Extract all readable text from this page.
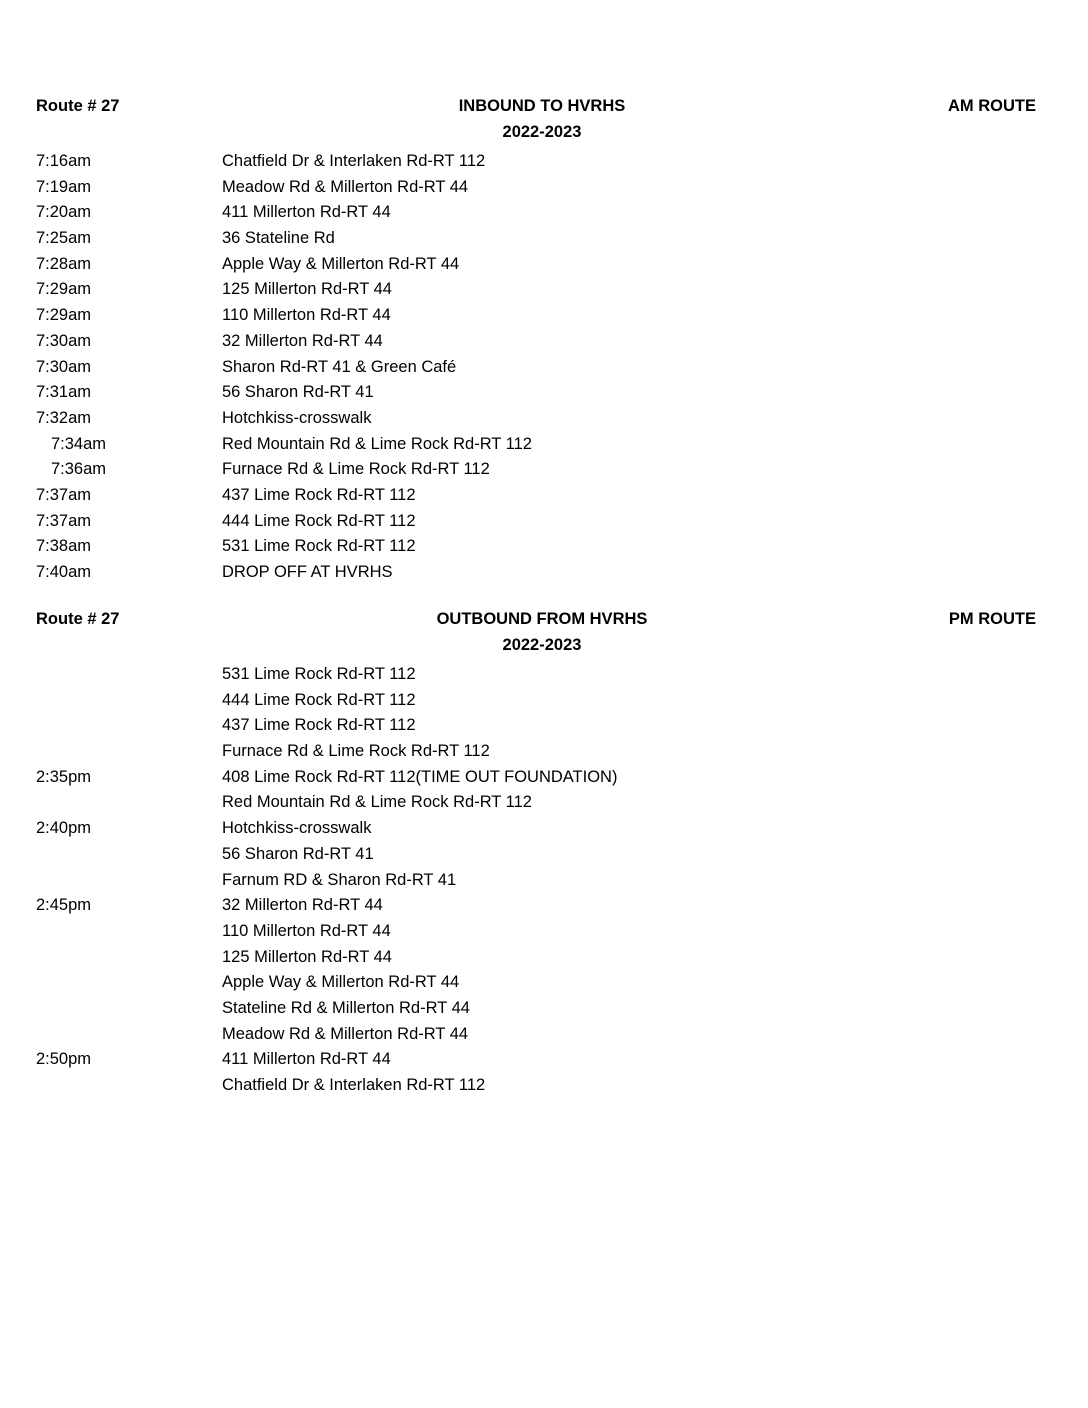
Route # 27	INBOUND TO HVRHS	AM ROUTE
2022-2023
7:16am	Chatfield Dr & Interlaken Rd-RT 112
7:19am	Meadow Rd & Millerton Rd-RT 44
7:20am	411 Millerton Rd-RT 44
7:25am	36 Stateline Rd
7:28am	Apple Way & Millerton Rd-RT 44
7:29am	125 Millerton Rd-RT 44
7:29am	110 Millerton Rd-RT 44
7:30am	32 Millerton Rd-RT 44
7:30am	Sharon Rd-RT 41 & Green Café
7:31am	56 Sharon Rd-RT 41
7:32am	Hotchkiss-crosswalk
7:34am	Red Mountain Rd & Lime Rock Rd-RT 112
7:36am	Furnace Rd & Lime Rock Rd-RT 112
7:37am	437 Lime Rock Rd-RT 112
7:37am	444 Lime Rock Rd-RT 112
7:38am	531 Lime Rock Rd-RT 112
7:40am	DROP OFF AT HVRHS
Route # 27	OUTBOUND FROM HVRHS	PM ROUTE
2022-2023
531 Lime Rock Rd-RT 112
444 Lime Rock Rd-RT 112
437 Lime Rock Rd-RT 112
Furnace Rd & Lime Rock Rd-RT 112
2:35pm	408 Lime Rock Rd-RT 112(TIME OUT FOUNDATION)
Red Mountain Rd & Lime Rock Rd-RT 112
2:40pm	Hotchkiss-crosswalk
56 Sharon Rd-RT 41
Farnum RD & Sharon Rd-RT 41
2:45pm	32 Millerton Rd-RT 44
110 Millerton Rd-RT 44
125 Millerton Rd-RT 44
Apple Way & Millerton Rd-RT 44
Stateline Rd & Millerton Rd-RT 44
Meadow Rd & Millerton Rd-RT 44
2:50pm	411 Millerton Rd-RT 44
Chatfield Dr & Interlaken Rd-RT 112
